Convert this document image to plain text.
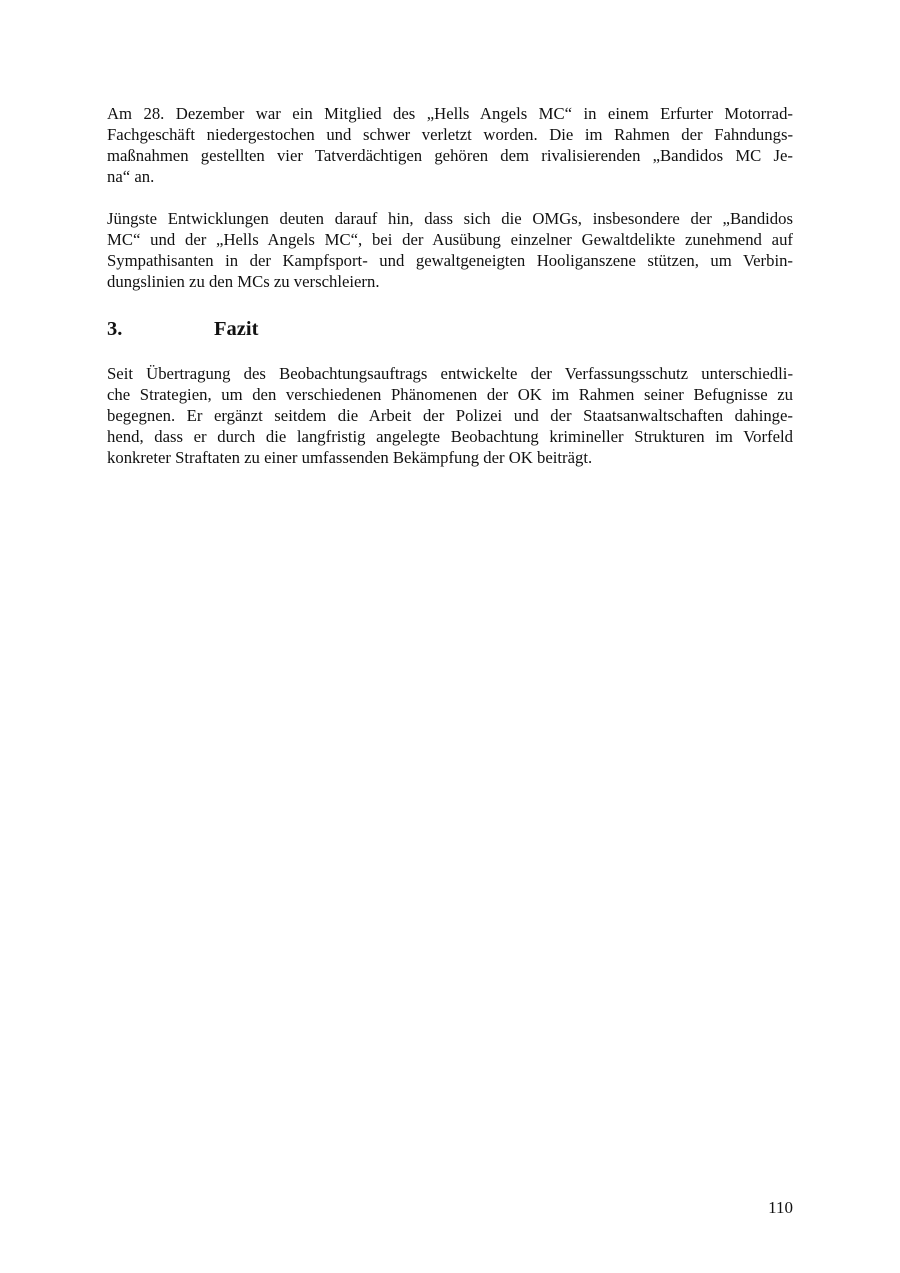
Am 28. Dezember war ein Mitglied des „Hells Angels MC“ in einem Erfurter Motorrad-
Fachgeschäft niedergestochen und schwer verletzt worden. Die im Rahmen der Fahndungs-
maßnahmen gestellten vier Tatverdächtigen gehören dem rivalisierenden „Bandidos MC Je-
na“ an.

Jüngste Entwicklungen deuten darauf hin, dass sich die OMGs, insbesondere der „Bandidos
MC“ und der „Hells Angels MC“, bei der Ausübung einzelner Gewaltdelikte zunehmend auf
Sympathisanten in der Kampfsport- und gewaltgeneigten Hooliganszene stützen, um Verbin-
dungslinien zu den MCs zu verschleiern.

3.	Fazit

Seit Übertragung des Beobachtungsauftrags entwickelte der Verfassungsschutz unterschiedli-
che Strategien, um den verschiedenen Phänomenen der OK im Rahmen seiner Befugnisse zu
begegnen. Er ergänzt seitdem die Arbeit der Polizei und der Staatsanwaltschaften dahinge-
hend, dass er durch die langfristig angelegte Beobachtung krimineller Strukturen im Vorfeld
konkreter Straftaten zu einer umfassenden Bekämpfung der OK beiträgt.

110
